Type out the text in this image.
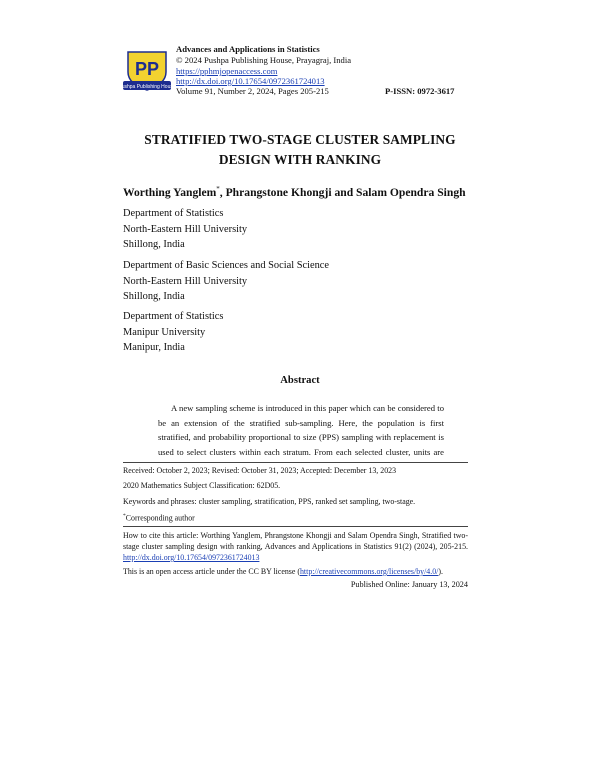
PP
ushpa Publishing Hou
Advances and Applications in Statistics
© 2024 Pushpa Publishing House, Prayagraj, India
https://pphmjopenaccess.com
http://dx.doi.org/10.17654/0972361724013
Volume 91, Number 2, 2024, Pages 205-215	P-ISSN: 0972-3617
STRATIFIED TWO-STAGE CLUSTER SAMPLING
DESIGN WITH RANKING
Worthing Yanglem*, Phrangstone Khongji and Salam Opendra Singh
Department of Statistics
North-Eastern Hill University
Shillong, India
Department of Basic Sciences and Social Science
North-Eastern Hill University
Shillong, India
Department of Statistics
Manipur University
Manipur, India
Abstract
A new sampling scheme is introduced in this paper which can be considered to be an extension of the stratified sub-sampling. Here, the population is first stratified, and probability proportional to size (PPS) sampling with replacement is used to select clusters within each stratum. From each selected cluster, units are
Received: October 2, 2023; Revised: October 31, 2023; Accepted: December 13, 2023
2020 Mathematics Subject Classification: 62D05.
Keywords and phrases: cluster sampling, stratification, PPS, ranked set sampling, two-stage.
*Corresponding author
How to cite this article: Worthing Yanglem, Phrangstone Khongji and Salam Opendra Singh, Stratified two-stage cluster sampling design with ranking, Advances and Applications in Statistics 91(2) (2024), 205-215. http://dx.doi.org/10.17654/0972361724013
This is an open access article under the CC BY license (http://creativecommons.org/licenses/by/4.0/).
Published Online: January 13, 2024
